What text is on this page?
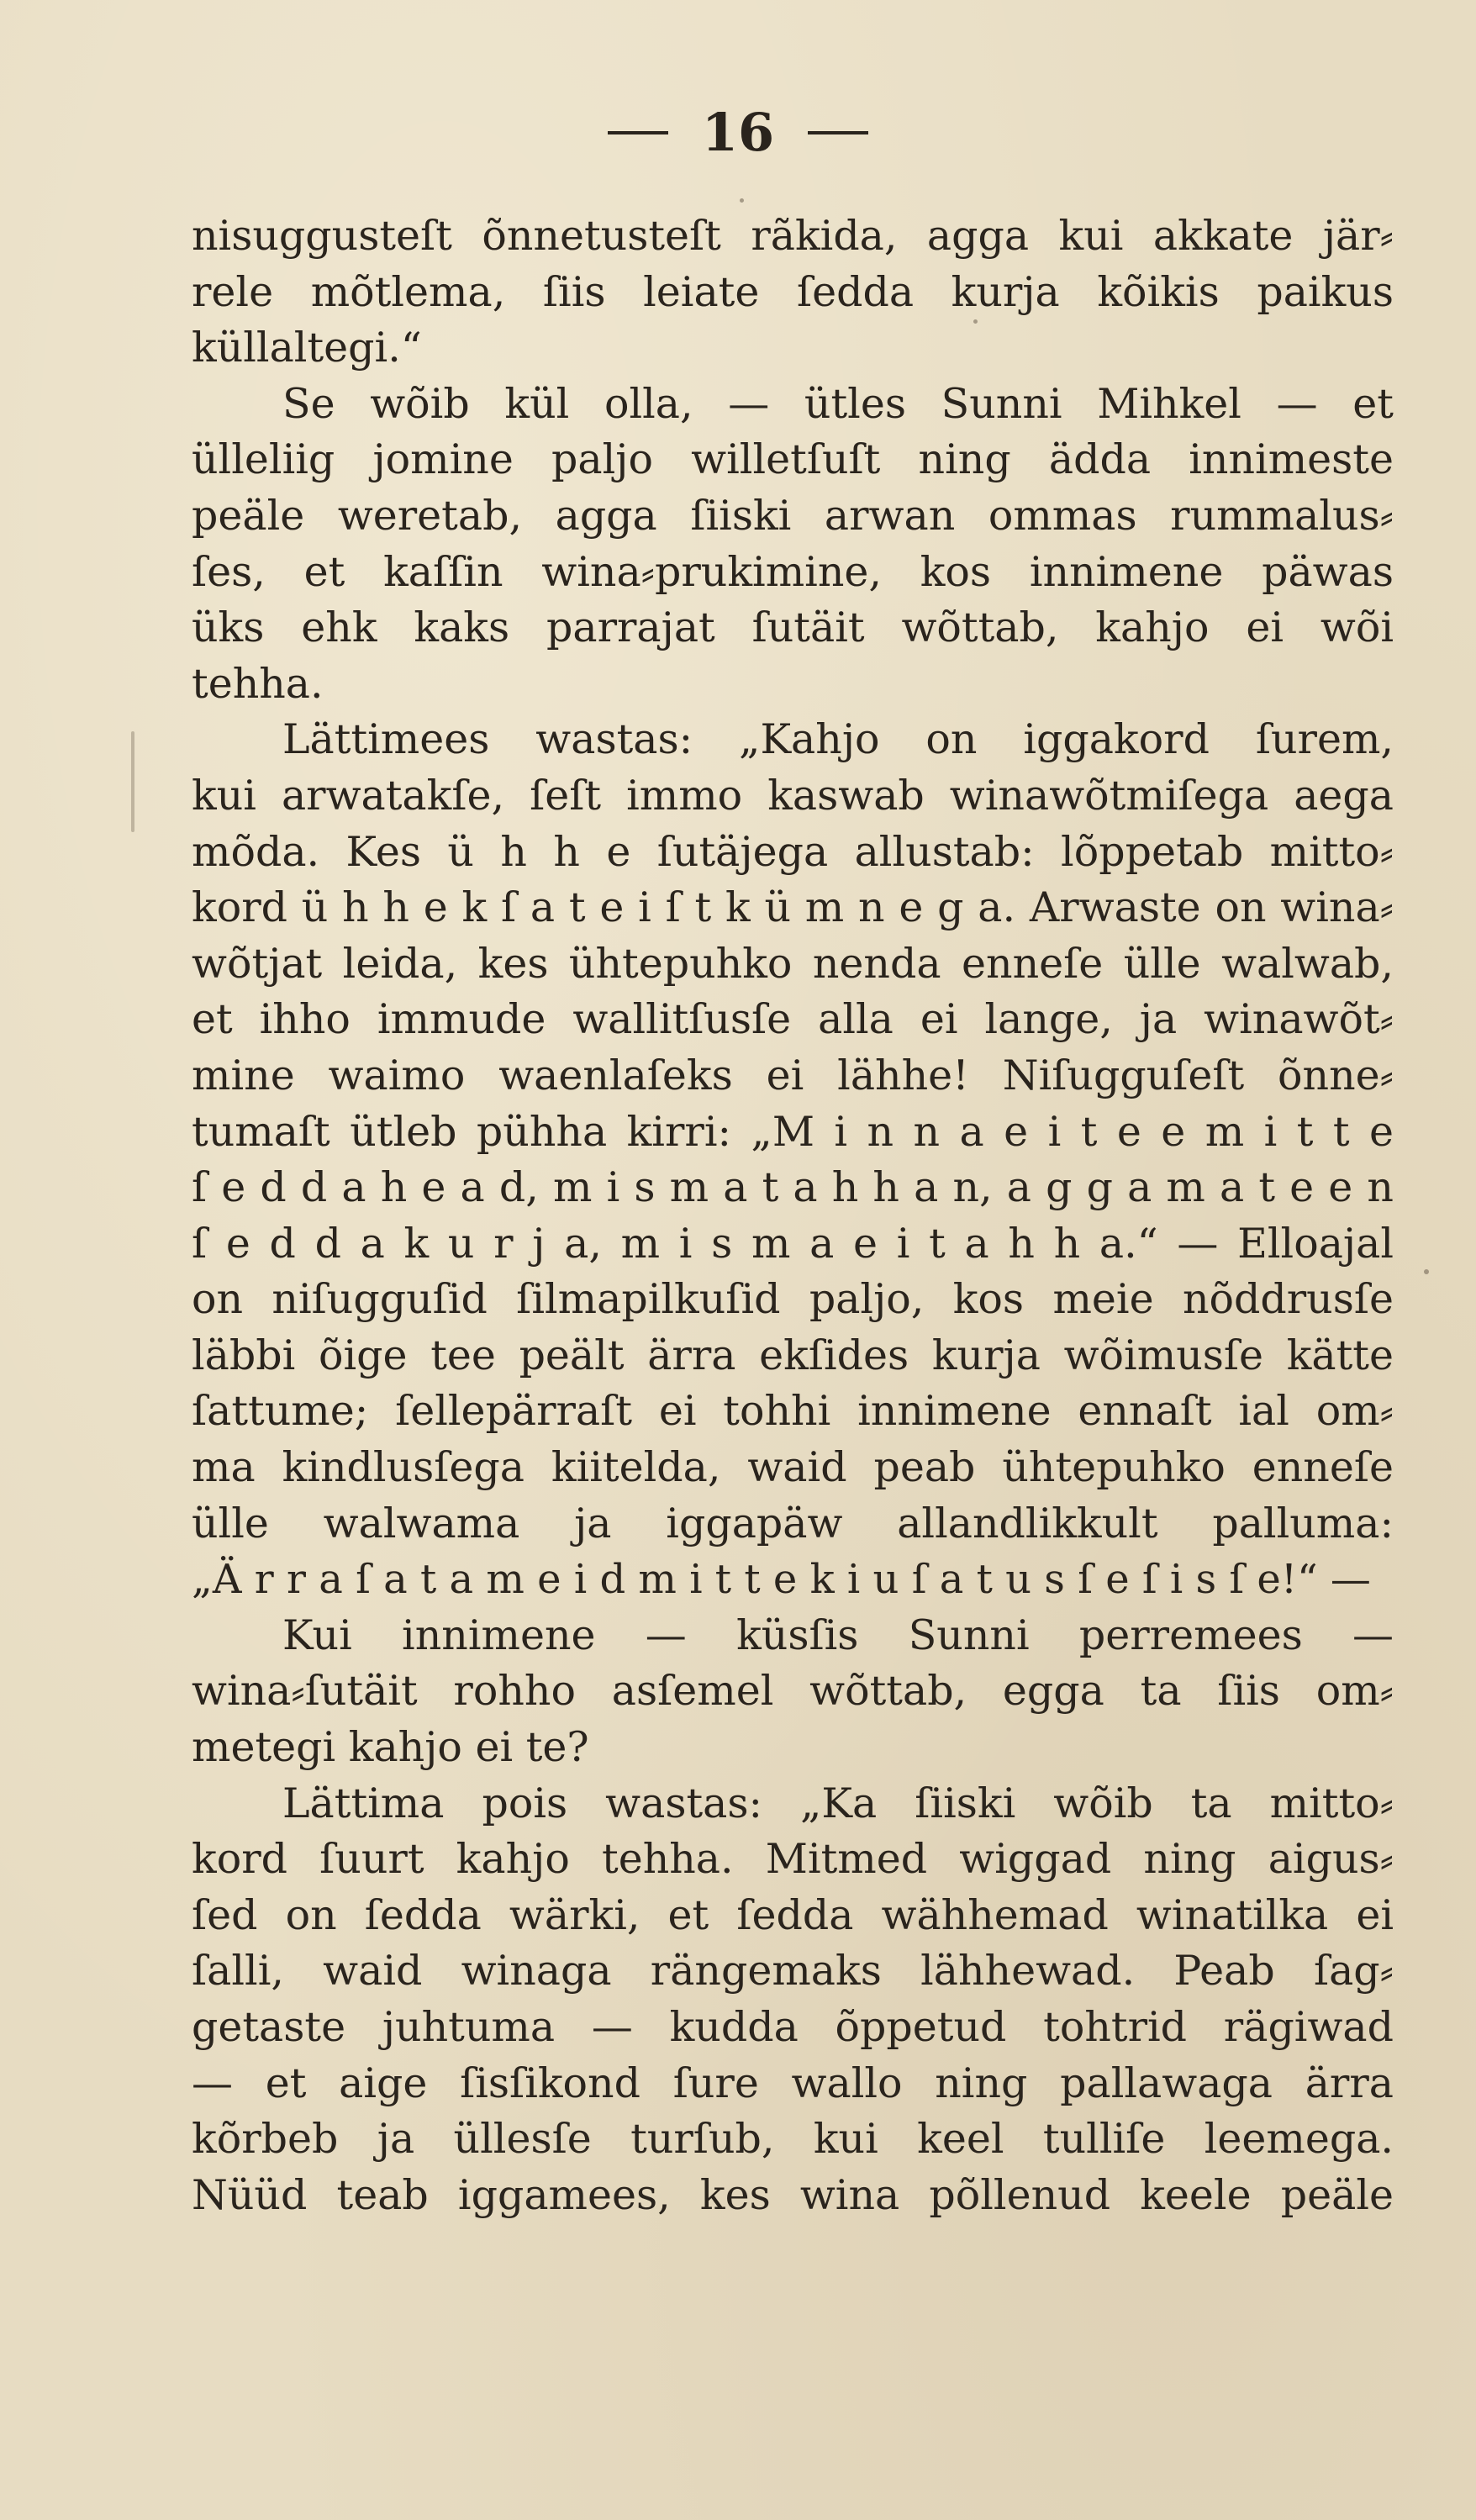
16
nisuggusteſt õnnetusteſt rãkida, agga kui akkate jär⸗
rele mõtlema, ſiis leiate ſedda kurja kõikis paikus
küllaltegi.“
Se wõib kül olla, — ütles Sunni Mihkel — et
ülleliig jomine paljo willetſuſt ning ädda innimeste
peäle weretab, agga ſiiski arwan ommas rummalus⸗
ſes, et kaſſin wina⸗prukimine, kos innimene päwas
üks ehk kaks parrajat ſutäit wõttab, kahjo ei wõi
tehha.
Lättimees wastas: „Kahjo on iggakord ſurem,
kui arwatakſe, ſeſt immo kaswab winawõtmiſega aega
mõda. Kes ü h h e ſutäjega allustab: lõppetab mitto⸗
kord ü h h e k ſ a t e i ſ t k ü m n e g a. Arwaste on wina⸗
wõtjat leida, kes ühtepuhko nenda enneſe ülle walwab,
et ihho immude wallitſusſe alla ei lange, ja winawõt⸗
mine waimo waenlaſeks ei lähhe! Niſugguſeſt õnne⸗
tumaſt ütleb pühha kirri: „M i n n a e i t e e m i t t e
ſ e d d a h e a d, m i s m a t a h h a n, a g g a m a t e e n
ſ e d d a k u r j a, m i s m a e i t a h h a.“ — Elloajal
on niſugguſid ſilmapilkuſid paljo, kos meie nõddrusſe
läbbi õige tee peält ärra ekſides kurja wõimusſe kätte
ſattume; ſellepärraſt ei tohhi innimene ennaſt ial om⸗
ma kindlusſega kiitelda, waid peab ühtepuhko enneſe
ülle walwama ja iggapäw allandlikkult palluma:
„Ä r r a ſ a t a m e i d m i t t e k i u ſ a t u s ſ e ſ i s ſ e!“ —
Kui innimene — küsſis Sunni perremees —
wina⸗ſutäit rohho asſemel wõttab, egga ta ſiis om⸗
metegi kahjo ei te?
Lättima pois wastas: „Ka ſiiski wõib ta mitto⸗
kord ſuurt kahjo tehha. Mitmed wiggad ning aigus⸗
ſed on ſedda wärki, et ſedda wähhemad winatilka ei
ſalli, waid winaga rängemaks lähhewad. Peab ſag⸗
getaste juhtuma — kudda õppetud tohtrid rägiwad
— et aige ſisſikond ſure wallo ning pallawaga ärra
kõrbeb ja üllesſe turſub, kui keel tulliſe leemega.
Nüüd teab iggamees, kes wina põllenud keele peäle
